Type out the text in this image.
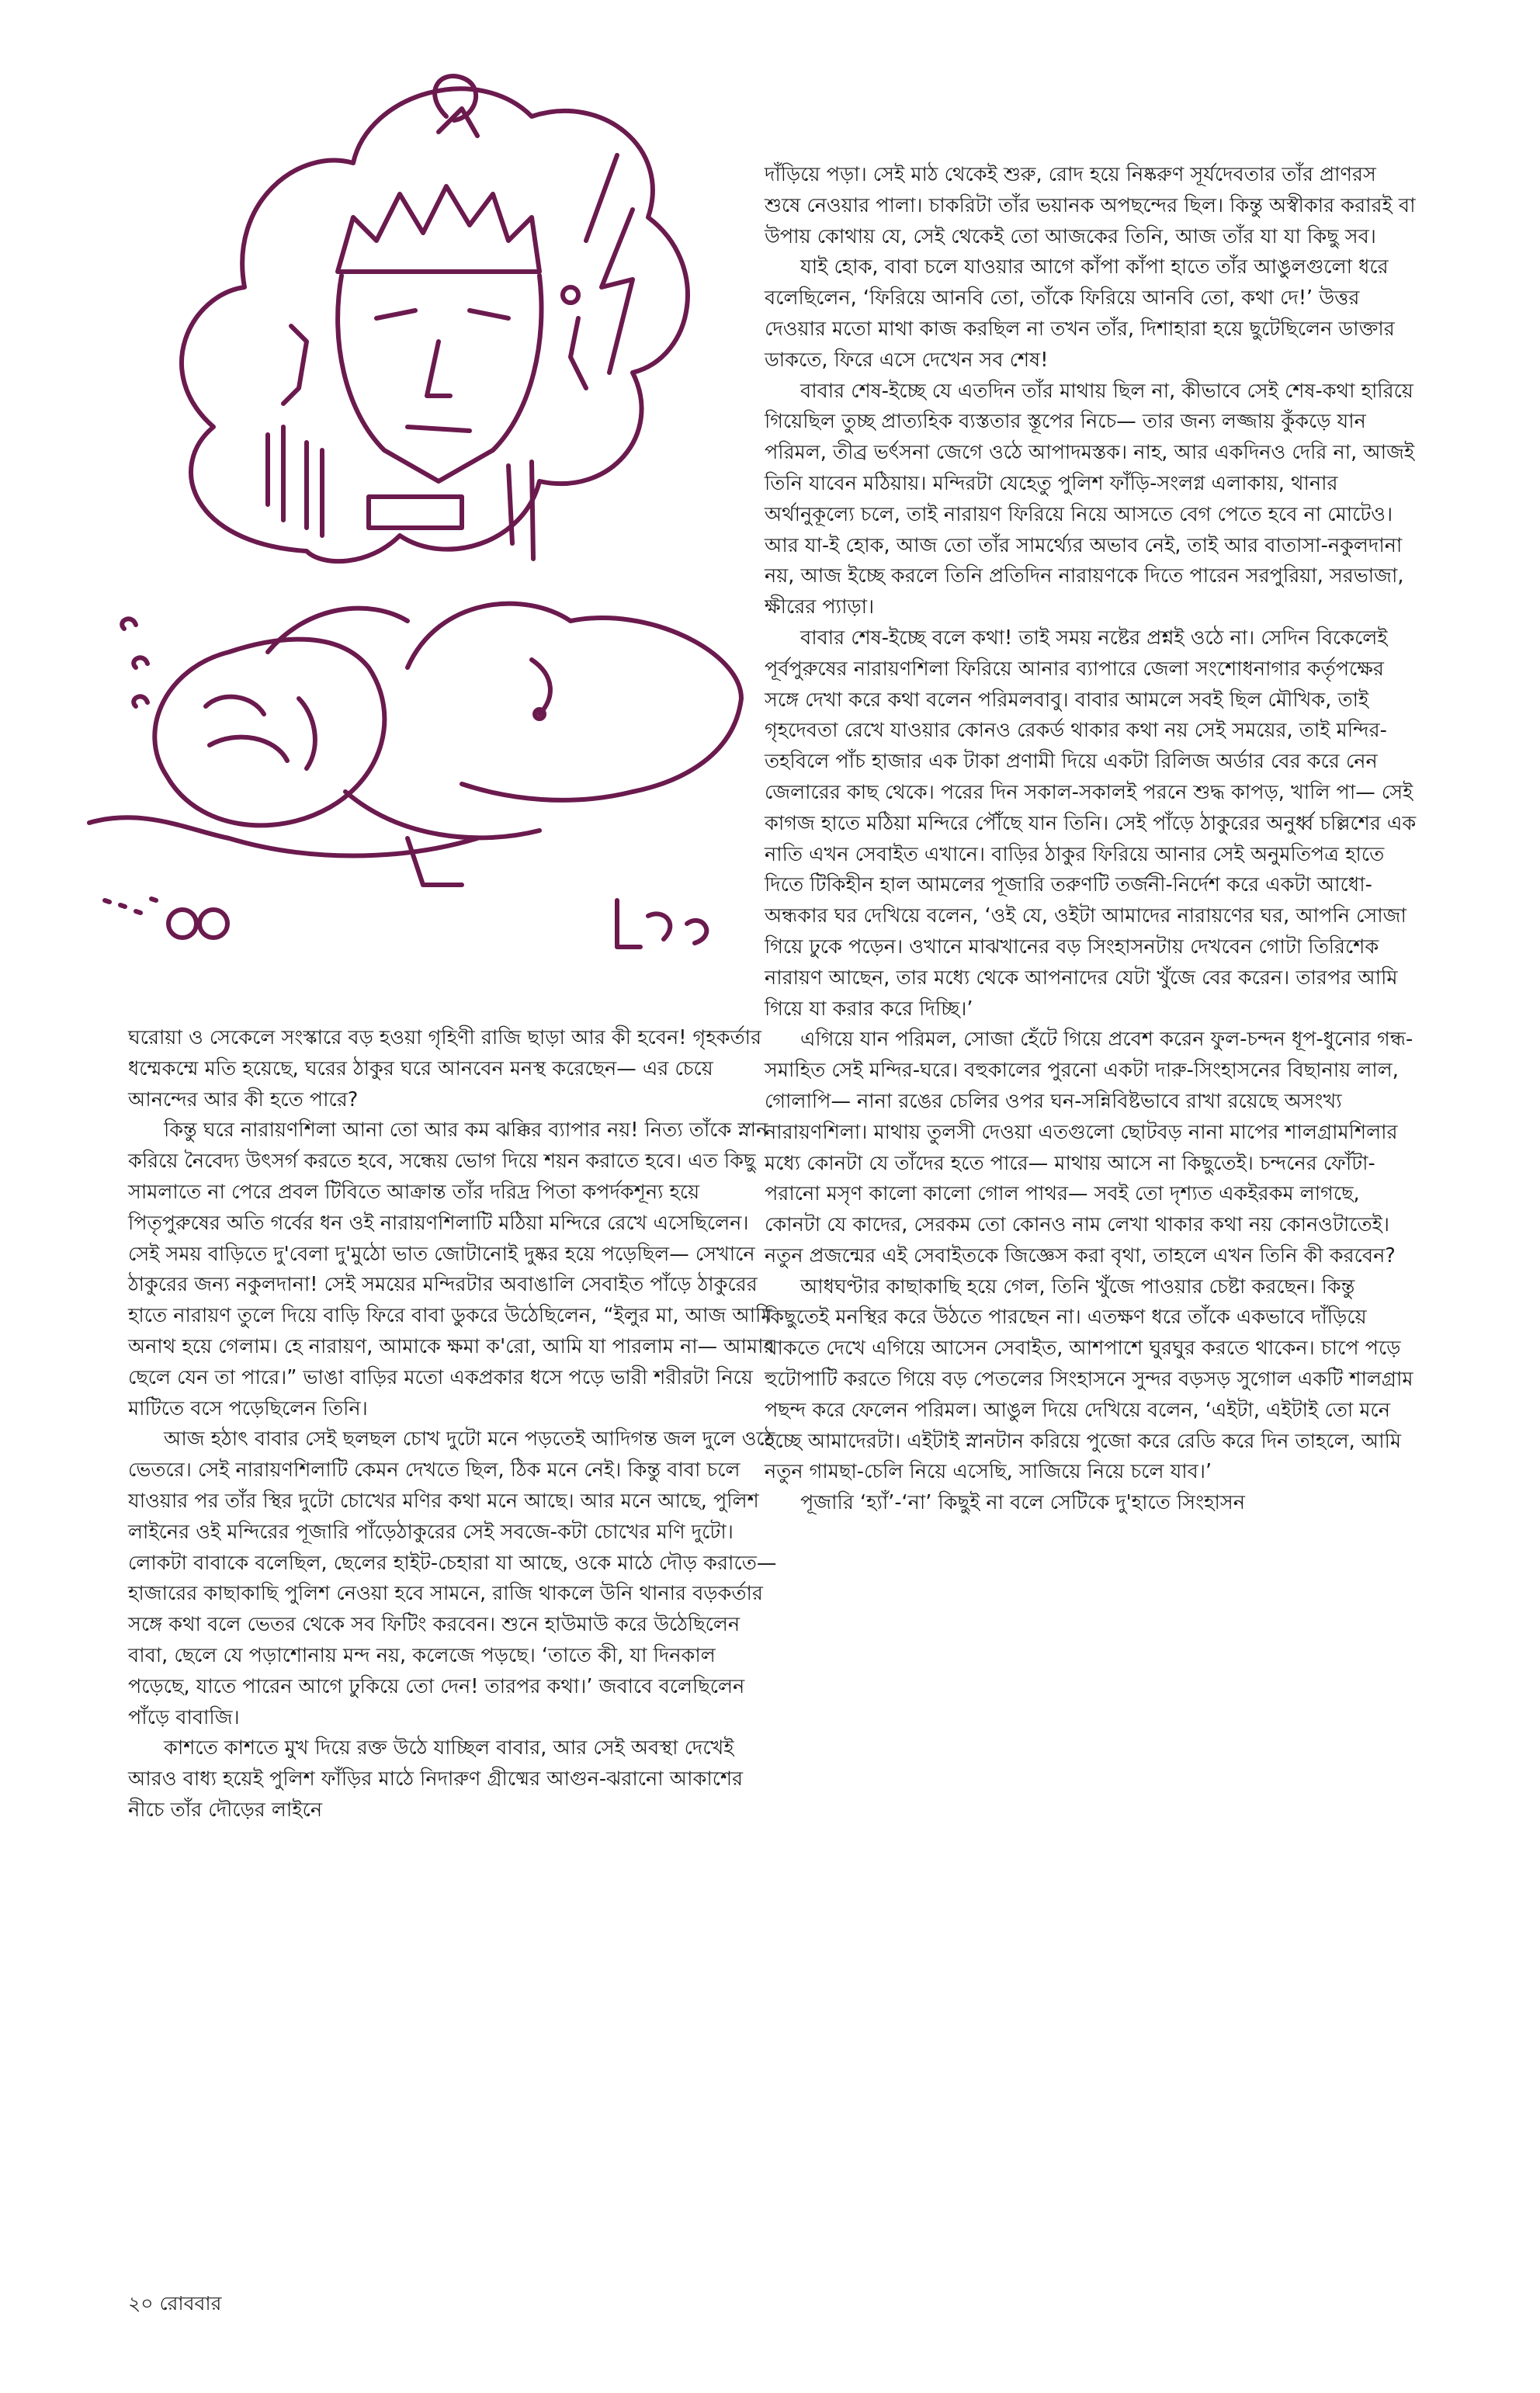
ঘরোয়া ও সেকেলে সংস্কারে বড় হওয়া গৃহিণী রাজি ছাড়া আর কী হবেন! গৃহকর্তার ধম্মেকম্মে মতি হয়েছে, ঘরের ঠাকুর ঘরে আনবেন মনস্থ করেছেন— এর চেয়ে আনন্দের আর কী হতে পারে?

কিন্তু ঘরে নারায়ণশিলা আনা তো আর কম ঝক্কির ব্যাপার নয়! নিত্য তাঁকে স্নান করিয়ে নৈবেদ্য উৎসর্গ করতে হবে, সন্ধেয় ভোগ দিয়ে শয়ন করাতে হবে। এত কিছু সামলাতে না পেরে প্রবল টিবিতে আক্রান্ত তাঁর দরিদ্র পিতা কপর্দকশূন্য হয়ে পিতৃপুরুষের অতি গর্বের ধন ওই নারায়ণশিলাটি মঠিয়া মন্দিরে রেখে এসেছিলেন। সেই সময় বাড়িতে দু'বেলা দু'মুঠো ভাত জোটানোই দুষ্কর হয়ে পড়েছিল— সেখানে ঠাকুরের জন্য নকুলদানা! সেই সময়ের মন্দিরটার অবাঙালি সেবাইত পাঁড়ে ঠাকুরের হাতে নারায়ণ তুলে দিয়ে বাড়ি ফিরে বাবা ডুকরে উঠেছিলেন, “ইলুর মা, আজ আমি অনাথ হয়ে গেলাম। হে নারায়ণ, আমাকে ক্ষমা ক'রো, আমি যা পারলাম না— আমার ছেলে যেন তা পারে।” ভাঙা বাড়ির মতো একপ্রকার ধসে পড়ে ভারী শরীরটা নিয়ে মাটিতে বসে পড়েছিলেন তিনি।

আজ হঠাৎ বাবার সেই ছলছল চোখ দুটো মনে পড়তেই আদিগন্ত জল দুলে ওঠে ভেতরে। সেই নারায়ণশিলাটি কেমন দেখতে ছিল, ঠিক মনে নেই। কিন্তু বাবা চলে যাওয়ার পর তাঁর স্থির দুটো চোখের মণির কথা মনে আছে। আর মনে আছে, পুলিশ লাইনের ওই মন্দিরের পূজারি পাঁড়েঠাকুরের সেই সবজে-কটা চোখের মণি দুটো। লোকটা বাবাকে বলেছিল, ছেলের হাইট-চেহারা যা আছে, ওকে মাঠে দৌড় করাতে— হাজারের কাছাকাছি পুলিশ নেওয়া হবে সামনে, রাজি থাকলে উনি থানার বড়কর্তার সঙ্গে কথা বলে ভেতর থেকে সব ফিটিং করবেন। শুনে হাউমাউ করে উঠেছিলেন বাবা, ছেলে যে পড়াশোনায় মন্দ নয়, কলেজে পড়ছে। ‘তাতে কী, যা দিনকাল পড়েছে, যাতে পারেন আগে ঢুকিয়ে তো দেন! তারপর কথা।’ জবাবে বলেছিলেন পাঁড়ে বাবাজি।

কাশতে কাশতে মুখ দিয়ে রক্ত উঠে যাচ্ছিল বাবার, আর সেই অবস্থা দেখেই আরও বাধ্য হয়েই পুলিশ ফাঁড়ির মাঠে নিদারুণ গ্রীষ্মের আগুন-ঝরানো আকাশের নীচে তাঁর দৌড়ের লাইনে

দাঁড়িয়ে পড়া। সেই মাঠ থেকেই শুরু, রোদ হয়ে নিষ্করুণ সূর্যদেবতার তাঁর প্রাণরস শুষে নেওয়ার পালা। চাকরিটা তাঁর ভয়ানক অপছন্দের ছিল। কিন্তু অস্বীকার করারই বা উপায় কোথায় যে, সেই থেকেই তো আজকের তিনি, আজ তাঁর যা যা কিছু সব।

যাই হোক, বাবা চলে যাওয়ার আগে কাঁপা কাঁপা হাতে তাঁর আঙুলগুলো ধরে বলেছিলেন, ‘ফিরিয়ে আনবি তো, তাঁকে ফিরিয়ে আনবি তো, কথা দে!’ উত্তর দেওয়ার মতো মাথা কাজ করছিল না তখন তাঁর, দিশাহারা হয়ে ছুটেছিলেন ডাক্তার ডাকতে, ফিরে এসে দেখেন সব শেষ!

বাবার শেষ-ইচ্ছে যে এতদিন তাঁর মাথায় ছিল না, কীভাবে সেই শেষ-কথা হারিয়ে গিয়েছিল তুচ্ছ প্রাত্যহিক ব্যস্ততার স্তূপের নিচে— তার জন্য লজ্জায় কুঁকড়ে যান পরিমল, তীব্র ভর্ৎসনা জেগে ওঠে আপাদমস্তক। নাহ, আর একদিনও দেরি না, আজই তিনি যাবেন মঠিয়ায়। মন্দিরটা যেহেতু পুলিশ ফাঁড়ি-সংলগ্ন এলাকায়, থানার অর্থানুকূল্যে চলে, তাই নারায়ণ ফিরিয়ে নিয়ে আসতে বেগ পেতে হবে না মোটেও। আর যা-ই হোক, আজ তো তাঁর সামর্থ্যের অভাব নেই, তাই আর বাতাসা-নকুলদানা নয়, আজ ইচ্ছে করলে তিনি প্রতিদিন নারায়ণকে দিতে পারেন সরপুরিয়া, সরভাজা, ক্ষীরের প্যাড়া।

বাবার শেষ-ইচ্ছে বলে কথা! তাই সময় নষ্টের প্রশ্নই ওঠে না। সেদিন বিকেলেই পূর্বপুরুষের নারায়ণশিলা ফিরিয়ে আনার ব্যাপারে জেলা সংশোধনাগার কর্তৃপক্ষের সঙ্গে দেখা করে কথা বলেন পরিমলবাবু। বাবার আমলে সবই ছিল মৌখিক, তাই গৃহদেবতা রেখে যাওয়ার কোনও রেকর্ড থাকার কথা নয় সেই সময়ের, তাই মন্দির-তহবিলে পাঁচ হাজার এক টাকা প্রণামী দিয়ে একটা রিলিজ অর্ডার বের করে নেন জেলারের কাছ থেকে। পরের দিন সকাল-সকালই পরনে শুদ্ধ কাপড়, খালি পা— সেই কাগজ হাতে মঠিয়া মন্দিরে পৌঁছে যান তিনি। সেই পাঁড়ে ঠাকুরের অনুর্ধ্ব চল্লিশের এক নাতি এখন সেবাইত এখানে। বাড়ির ঠাকুর ফিরিয়ে আনার সেই অনুমতিপত্র হাতে দিতে টিকিহীন হাল আমলের পূজারি তরুণটি তর্জনী-নির্দেশ করে একটা আধো-অন্ধকার ঘর দেখিয়ে বলেন, ‘ওই যে, ওইটা আমাদের নারায়ণের ঘর, আপনি সোজা গিয়ে ঢুকে পড়েন। ওখানে মাঝখানের বড় সিংহাসনটায় দেখবেন গোটা তিরিশেক নারায়ণ আছেন, তার মধ্যে থেকে আপনাদের যেটা খুঁজে বের করেন। তারপর আমি গিয়ে যা করার করে দিচ্ছি।’

এগিয়ে যান পরিমল, সোজা হেঁটে গিয়ে প্রবেশ করেন ফুল-চন্দন ধূপ-ধুনোর গন্ধ-সমাহিত সেই মন্দির-ঘরে। বহুকালের পুরনো একটা দারু-সিংহাসনের বিছানায় লাল, গোলাপি— নানা রঙের চেলির ওপর ঘন-সন্নিবিষ্টভাবে রাখা রয়েছে অসংখ্য নারায়ণশিলা। মাথায় তুলসী দেওয়া এতগুলো ছোটবড় নানা মাপের শালগ্রামশিলার মধ্যে কোনটা যে তাঁদের হতে পারে— মাথায় আসে না কিছুতেই। চন্দনের ফোঁটা-পরানো মসৃণ কালো কালো গোল পাথর— সবই তো দৃশ্যত একইরকম লাগছে, কোনটা যে কাদের, সেরকম তো কোনও নাম লেখা থাকার কথা নয় কোনওটাতেই। নতুন প্রজন্মের এই সেবাইতকে জিজ্ঞেস করা বৃথা, তাহলে এখন তিনি কী করবেন?

আধঘণ্টার কাছাকাছি হয়ে গেল, তিনি খুঁজে পাওয়ার চেষ্টা করছেন। কিন্তু কিছুতেই মনস্থির করে উঠতে পারছেন না। এতক্ষণ ধরে তাঁকে একভাবে দাঁড়িয়ে থাকতে দেখে এগিয়ে আসেন সেবাইত, আশপাশে ঘুরঘুর করতে থাকেন। চাপে পড়ে হুটোপাটি করতে গিয়ে বড় পেতলের সিংহাসনে সুন্দর বড়সড় সুগোল একটি শালগ্রাম পছন্দ করে ফেলেন পরিমল। আঙুল দিয়ে দেখিয়ে বলেন, ‘এইটা, এইটাই তো মনে হচ্ছে আমাদেরটা। এইটাই স্নানটান করিয়ে পুজো করে রেডি করে দিন তাহলে, আমি নতুন গামছা-চেলি নিয়ে এসেছি, সাজিয়ে নিয়ে চলে যাব।’

পূজারি ‘হ্যাঁ’-‘না’ কিছুই না বলে সেটিকে দু'হাতে সিংহাসন

২০ রোববার
